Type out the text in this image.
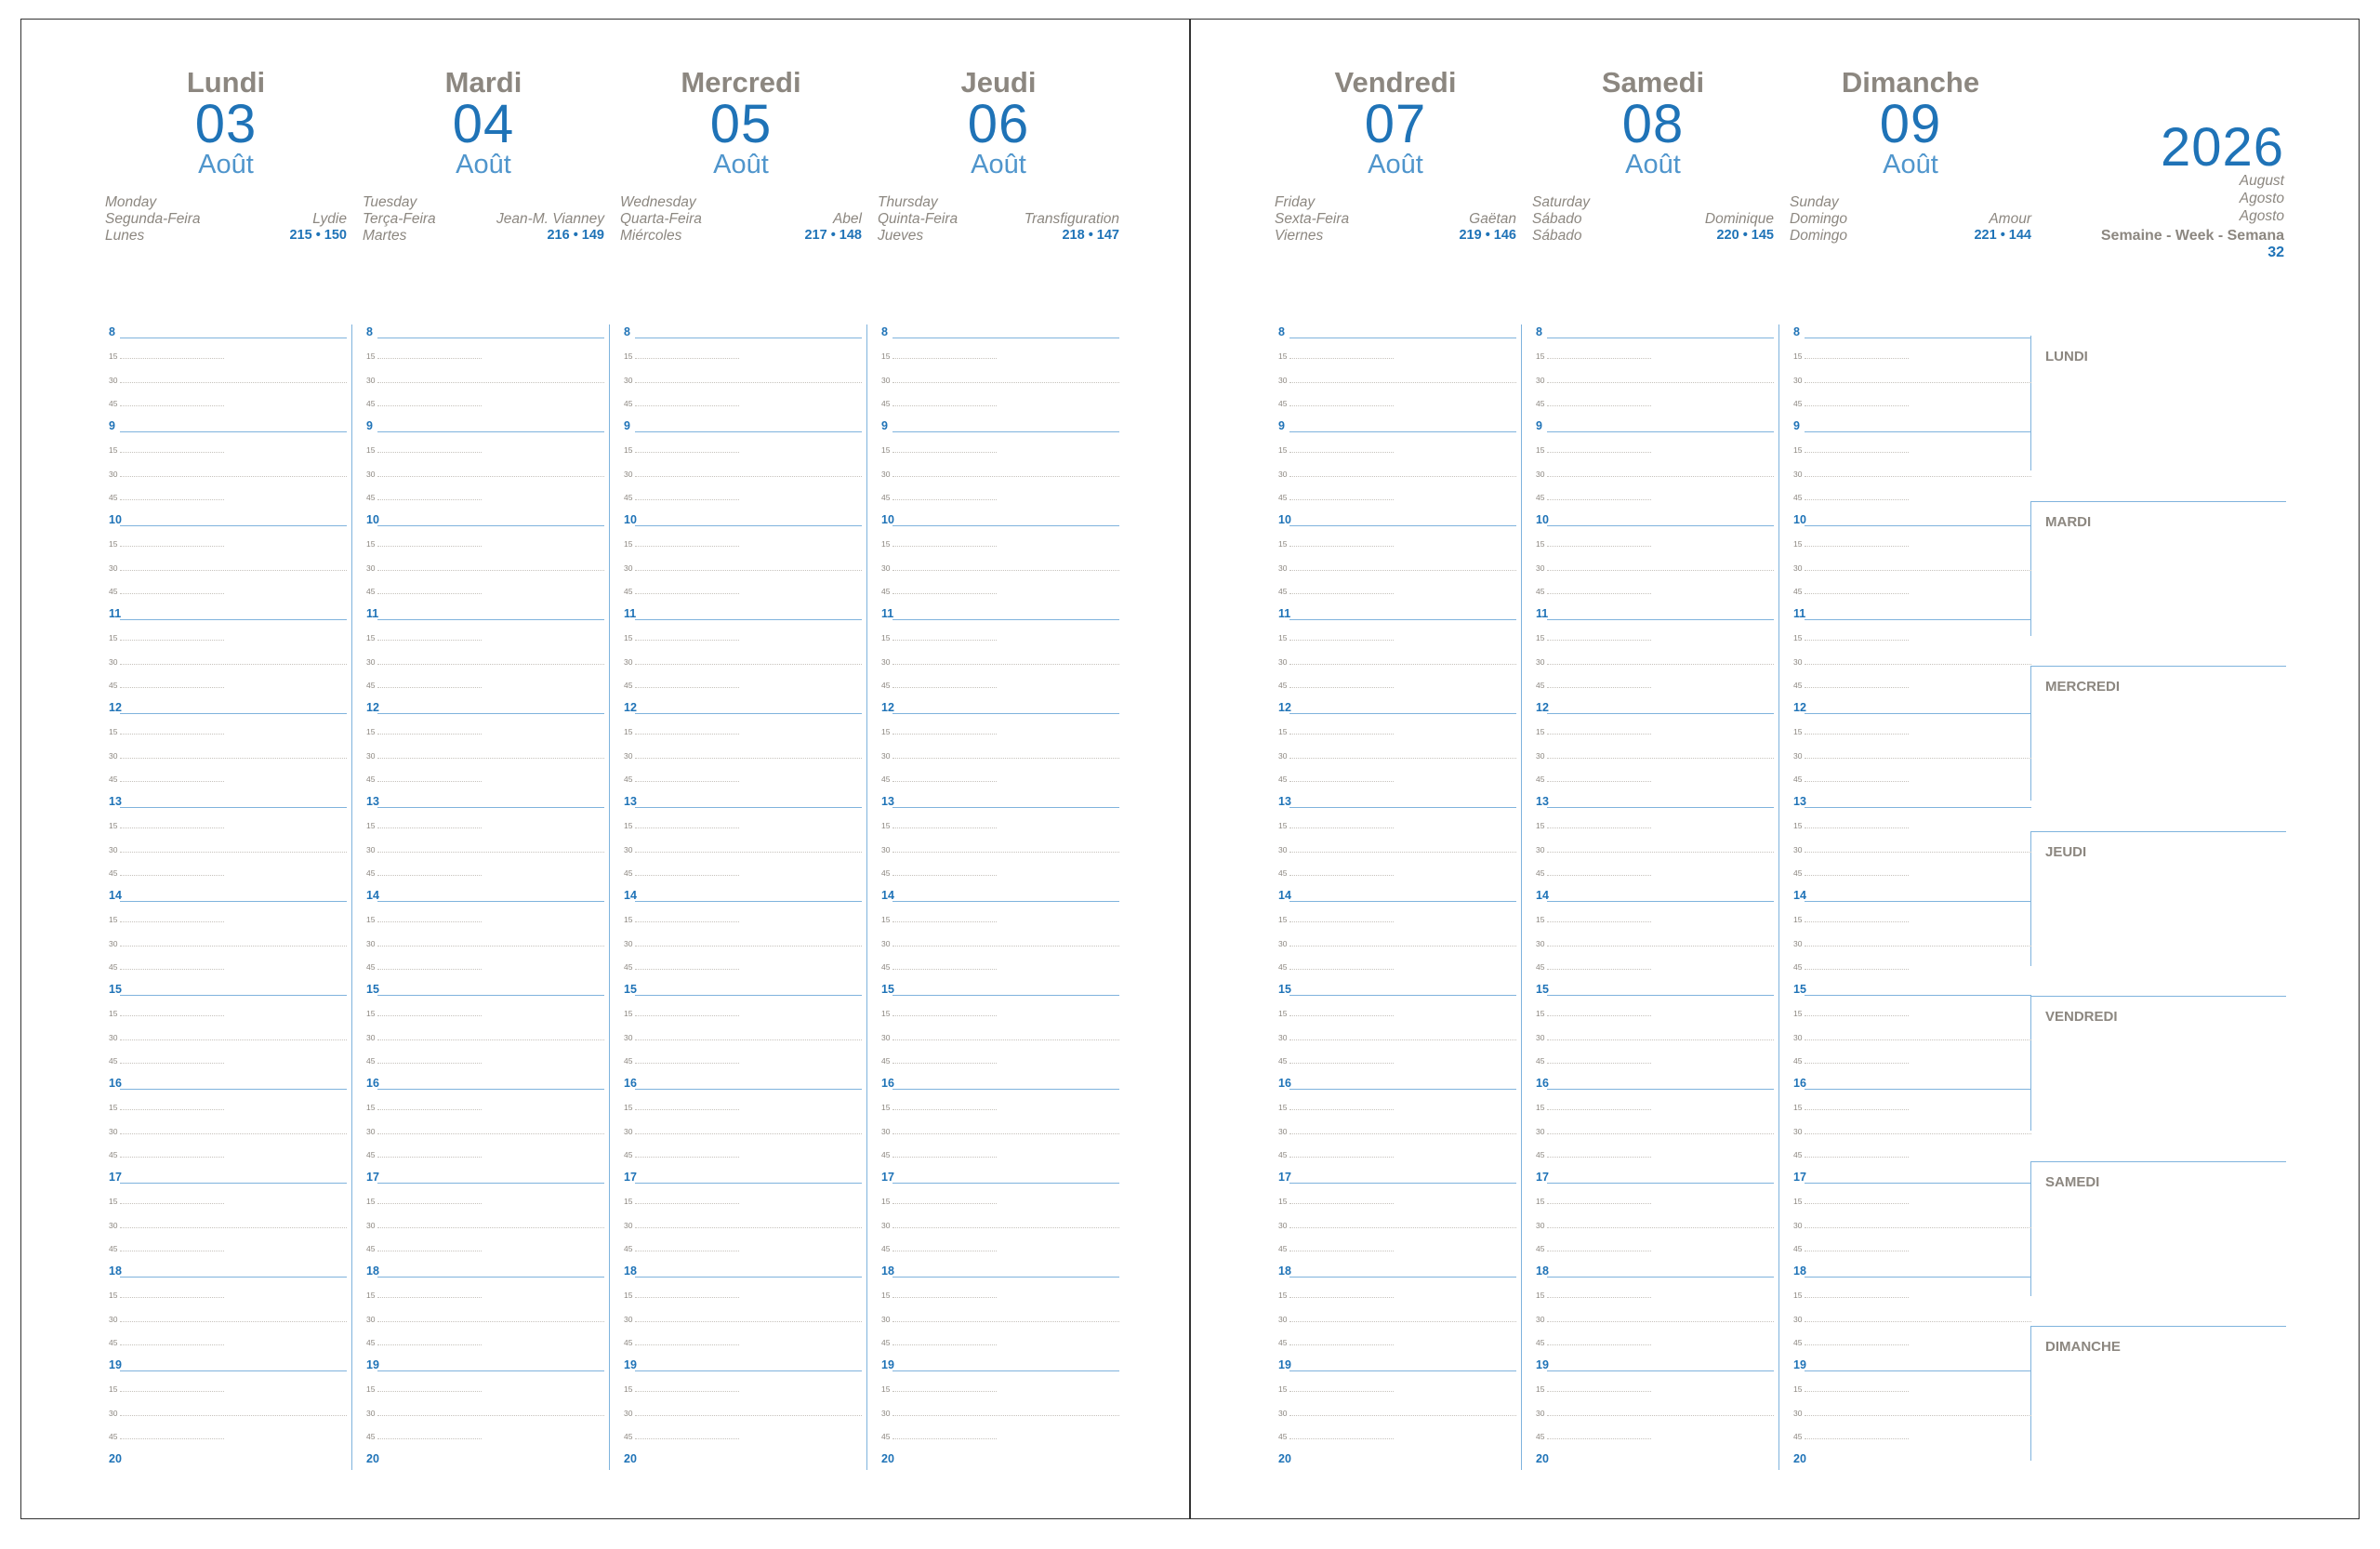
Lundi
03
Août
Monday
Segunda-Feira
Lunes
Lydie
215 • 150
8
15
30
45
9
15
30
45
10
15
30
45
11
15
30
45
12
15
30
45
13
15
30
45
14
15
30
45
15
15
30
45
16
15
30
45
17
15
30
45
18
15
30
45
19
15
30
45
20
Mardi
04
Août
Tuesday
Terça-Feira
Martes
Jean-M. Vianney
216 • 149
8
15
30
45
9
15
30
45
10
15
30
45
11
15
30
45
12
15
30
45
13
15
30
45
14
15
30
45
15
15
30
45
16
15
30
45
17
15
30
45
18
15
30
45
19
15
30
45
20
Mercredi
05
Août
Wednesday
Quarta-Feira
Miércoles
Abel
217 • 148
8
15
30
45
9
15
30
45
10
15
30
45
11
15
30
45
12
15
30
45
13
15
30
45
14
15
30
45
15
15
30
45
16
15
30
45
17
15
30
45
18
15
30
45
19
15
30
45
20
Jeudi
06
Août
Thursday
Quinta-Feira
Jueves
Transfiguration
218 • 147
8
15
30
45
9
15
30
45
10
15
30
45
11
15
30
45
12
15
30
45
13
15
30
45
14
15
30
45
15
15
30
45
16
15
30
45
17
15
30
45
18
15
30
45
19
15
30
45
20
2026
August
Agosto
Agosto
Semaine - Week - Semana
32
LUNDI
MARDI
MERCREDI
JEUDI
VENDREDI
SAMEDI
DIMANCHE
Vendredi
07
Août
Friday
Sexta-Feira
Viernes
Gaëtan
219 • 146
8
15
30
45
9
15
30
45
10
15
30
45
11
15
30
45
12
15
30
45
13
15
30
45
14
15
30
45
15
15
30
45
16
15
30
45
17
15
30
45
18
15
30
45
19
15
30
45
20
Samedi
08
Août
Saturday
Sábado
Sábado
Dominique
220 • 145
8
15
30
45
9
15
30
45
10
15
30
45
11
15
30
45
12
15
30
45
13
15
30
45
14
15
30
45
15
15
30
45
16
15
30
45
17
15
30
45
18
15
30
45
19
15
30
45
20
Dimanche
09
Août
Sunday
Domingo
Domingo
Amour
221 • 144
8
15
30
45
9
15
30
45
10
15
30
45
11
15
30
45
12
15
30
45
13
15
30
45
14
15
30
45
15
15
30
45
16
15
30
45
17
15
30
45
18
15
30
45
19
15
30
45
20
